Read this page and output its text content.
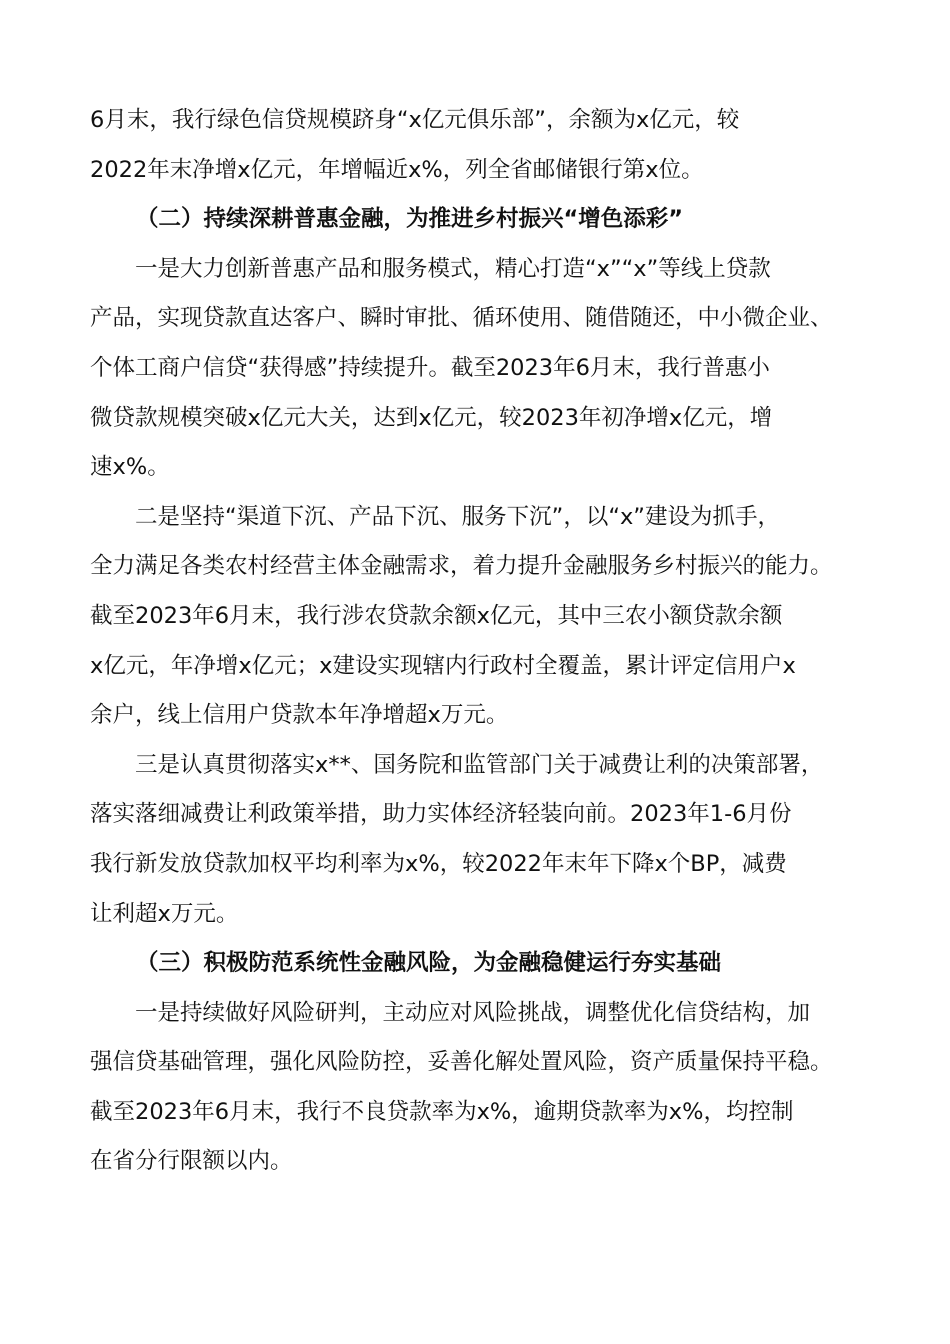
6月末，我行绿色信贷规模跻身“x亿元俱乐部”，余额为x亿元，较
2022年末净增x亿元，年增幅近x%，列全省邮储银行第x位。
（二）持续深耕普惠金融，为推进乡村振兴“增色添彩”
一是大力创新普惠产品和服务模式，精心打造“x”“x”等线上贷款
产品，实现贷款直达客户、瞬时审批、循环使用、随借随还，中小微企业、
个体工商户信贷“获得感”持续提升。截至2023年6月末，我行普惠小
微贷款规模突破x亿元大关，达到x亿元，较2023年初净增x亿元，增
速x%。
二是坚持“渠道下沉、产品下沉、服务下沉”，以“x”建设为抓手，
全力满足各类农村经营主体金融需求，着力提升金融服务乡村振兴的能力。
截至2023年6月末，我行涉农贷款余额x亿元，其中三农小额贷款余额
x亿元，年净增x亿元；x建设实现辖内行政村全覆盖，累计评定信用户x
余户，线上信用户贷款本年净增超x万元。
三是认真贯彻落实x**、国务院和监管部门关于减费让利的决策部署，
落实落细减费让利政策举措，助力实体经济轻装向前。2023年1-6月份
我行新发放贷款加权平均利率为x%，较2022年末年下降x个BP，减费
让利超x万元。
（三）积极防范系统性金融风险，为金融稳健运行夯实基础
一是持续做好风险研判，主动应对风险挑战，调整优化信贷结构，加
强信贷基础管理，强化风险防控，妥善化解处置风险，资产质量保持平稳。
截至2023年6月末，我行不良贷款率为x%，逾期贷款率为x%，均控制
在省分行限额以内。
